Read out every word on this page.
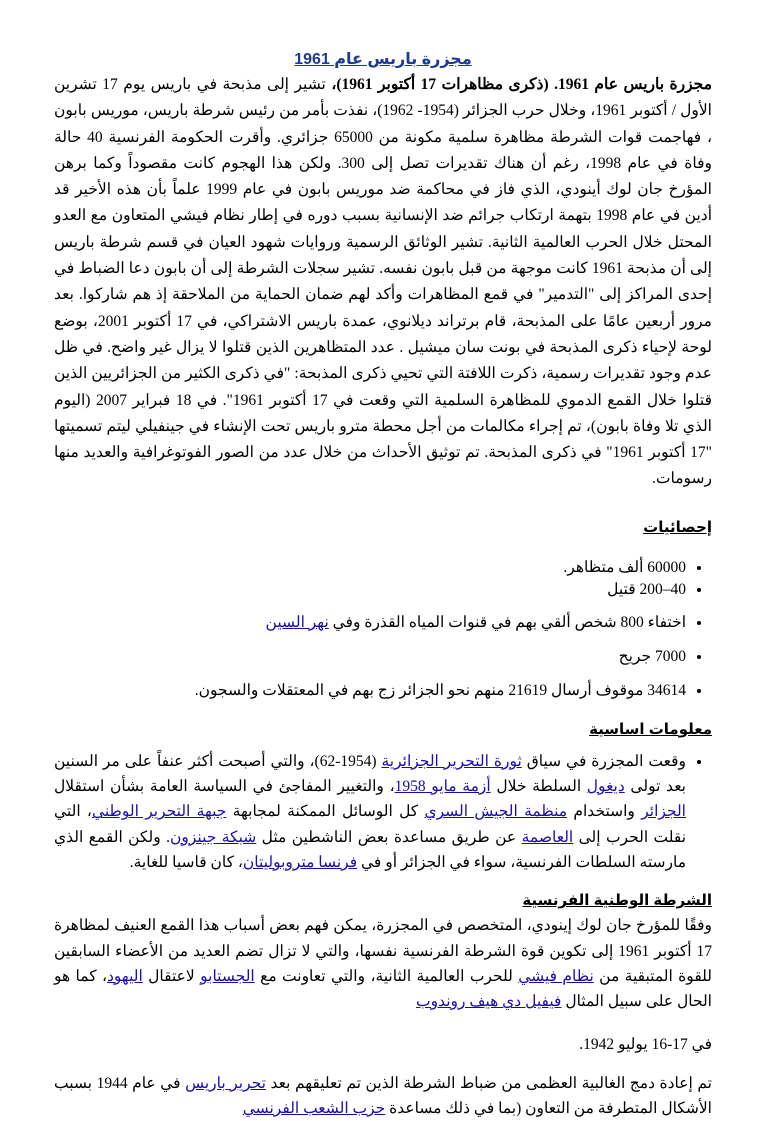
مجزرة باريس عام 1961

مجزرة باريس عام 1961. (ذكرى مظاهرات 17 أكتوبر 1961)، تشير إلى مذبحة في باريس يوم 17 تشرين الأول / أكتوبر 1961، وخلال حرب الجزائر (1954- 1962)، نفذت بأمر من رئيس شرطة باريس، موريس بابون ، فهاجمت قوات الشرطة مظاهرة سلمية مكونة من 65000 جزائري. وأقرت الحكومة الفرنسية 40 حالة وفاة في عام 1998، رغم أن هناك تقديرات تصل إلى 300. ولكن هذا الهجوم كانت مقصوداً وكما برهن المؤرخ جان لوك أينودي، الذي فاز في محاكمة ضد موريس بابون في عام 1999 علماً بأن هذه الأخير قد أدين في عام 1998 بتهمة ارتكاب جرائم ضد الإنسانية بسبب دوره في إطار نظام فيشي المتعاون مع العدو المحتل خلال الحرب العالمية الثانية. تشير الوثائق الرسمية وروايات شهود العيان في قسم شرطة باريس إلى أن مذبحة 1961 كانت موجهة من قبل بابون نفسه. تشير سجلات الشرطة إلى أن بابون دعا الضباط في إحدى المراكز إلى "التدمير" في قمع المظاهرات وأكد لهم ضمان الحماية من الملاحقة إذ هم شاركوا. بعد مرور أربعين عامًا على المذبحة، قام برتراند ديلانوي، عمدة باريس الاشتراكي، في 17 أكتوبر 2001، بوضع لوحة لإحياء ذكرى المذبحة في بونت سان ميشيل . عدد المتظاهرين الذين قتلوا لا يزال غير واضح. في ظل عدم وجود تقديرات رسمية، ذكرت اللافتة التي تحيي ذكرى المذبحة: "في ذكرى الكثير من الجزائريين الذين قتلوا خلال القمع الدموي للمظاهرة السلمية التي وقعت في 17 أكتوبر 1961". في 18 فبراير 2007 (اليوم الذي تلا وفاة بابون)، تم إجراء مكالمات من أجل محطة مترو باريس تحت الإنشاء في جينفيلي ليتم تسميتها "17 أكتوبر 1961" في ذكرى المذبحة. تم توثيق الأحداث من خلال عدد من الصور الفوتوغرافية والعديد منها رسومات.

إحصائيات
• 60000 ألف متظاهر.
• 40–200 قتيل
• اختفاء 800 شخص ألقي بهم في قنوات المياه القذرة وفي نهر السين
• 7000 جريح
• 34614 موقوف أرسال 21619 منهم نحو الجزائر زج بهم في المعتقلات والسجون.
معلومات اساسية
• وقعت المجزرة في سياق ثورة التحرير الجزائرية (1954-62)، والتي أصبحت أكثر عنفاً على مر السنين بعد تولى ديغول السلطة خلال أزمة مايو 1958، والتغيير المفاجئ في السياسة العامة بشأن استقلال الجزائر واستخدام منظمة الجيش السري كل الوسائل الممكنة لمجابهة جبهة التحرير الوطني، التي نقلت الحرب إلى العاصمة عن طريق مساعدة بعض الناشطين مثل شبكة جينزون. ولكن القمع الذي مارسته السلطات الفرنسية، سواء في الجزائر أو في فرنسا متروبوليتان، كان قاسيا للغاية.
الشرطة الوطنية الفرنسية

وفقًا للمؤرخ جان لوك إينودي، المتخصص في المجزرة، يمكن فهم بعض أسباب هذا القمع العنيف لمظاهرة 17 أكتوبر 1961 إلى تكوين قوة الشرطة الفرنسية نفسها، والتي لا تزال تضم العديد من الأعضاء السابقين للقوة المتبقية من نظام فيشي للحرب العالمية الثانية، والتي تعاونت مع الجستابو لاعتقال اليهود، كما هو الحال على سبيل المثال فيفيل دي هيف روندوب

في 17-16 يوليو 1942.

تم إعادة دمج الغالبية العظمى من ضباط الشرطة الذين تم تعليقهم بعد تحرير باريس في عام 1944 بسبب الأشكال المتطرفة من التعاون (بما في ذلك مساعدة حزب الشعب الفرنسي
